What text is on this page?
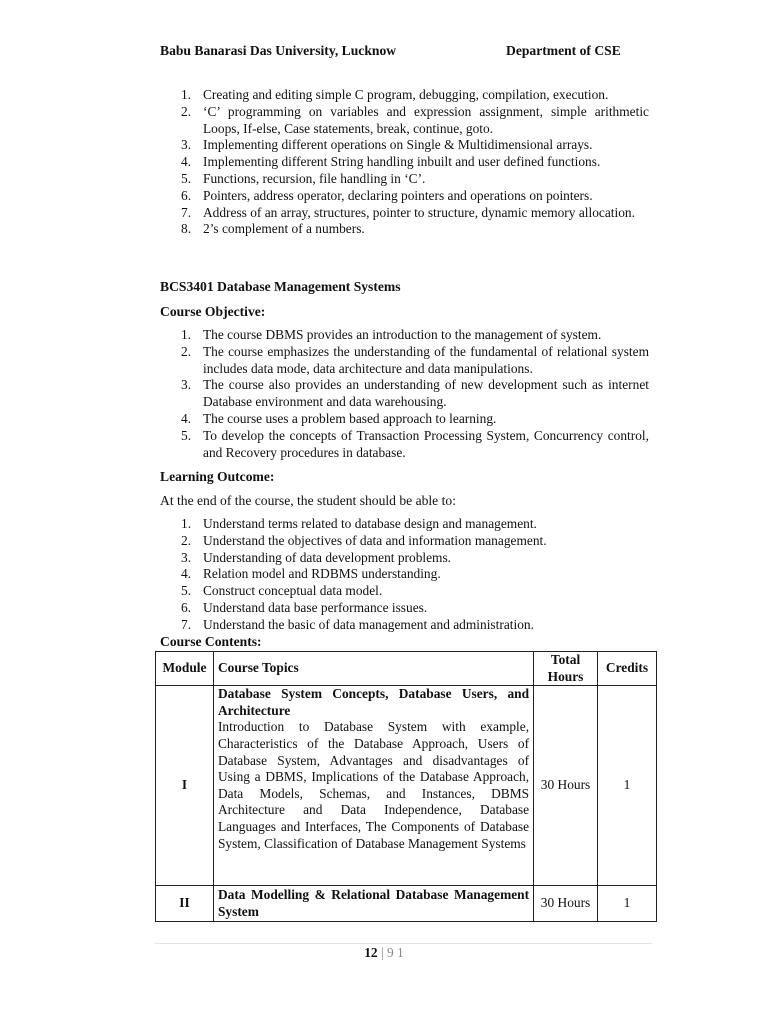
Babu Banarasi Das University, Lucknow	Department of CSE
1. Creating and editing simple C program, debugging, compilation, execution.
2. ‘C’ programming on variables and expression assignment, simple arithmetic Loops, If-else, Case statements, break, continue, goto.
3. Implementing different operations on Single & Multidimensional arrays.
4. Implementing different String handling inbuilt and user defined functions.
5. Functions, recursion, file handling in ‘C’.
6. Pointers, address operator, declaring pointers and operations on pointers.
7. Address of an array, structures, pointer to structure, dynamic memory allocation.
8. 2’s complement of a numbers.
BCS3401 Database Management Systems
Course Objective:
1. The course DBMS provides an introduction to the management of system.
2. The course emphasizes the understanding of the fundamental of relational system includes data mode, data architecture and data manipulations.
3. The course also provides an understanding of new development such as internet Database environment and data warehousing.
4. The course uses a problem based approach to learning.
5. To develop the concepts of Transaction Processing System, Concurrency control, and Recovery procedures in database.
Learning Outcome:
At the end of the course, the student should be able to:
1. Understand terms related to database design and management.
2. Understand the objectives of data and information management.
3. Understanding of data development problems.
4. Relation model and RDBMS understanding.
5. Construct conceptual data model.
6. Understand data base performance issues.
7. Understand the basic of data management and administration.
Course Contents:
Module	Course Topics	Total Hours	Credits
I	Database System Concepts, Database Users, and Architecture
Introduction to Database System with example, Characteristics of the Database Approach, Users of Database System, Advantages and disadvantages of Using a DBMS, Implications of the Database Approach, Data Models, Schemas, and Instances, DBMS Architecture and Data Independence, Database Languages and Interfaces, The Components of Database System, Classification of Database Management Systems	30 Hours	1
II	Data Modelling & Relational Database Management System	30 Hours	1
12 | 9 1
